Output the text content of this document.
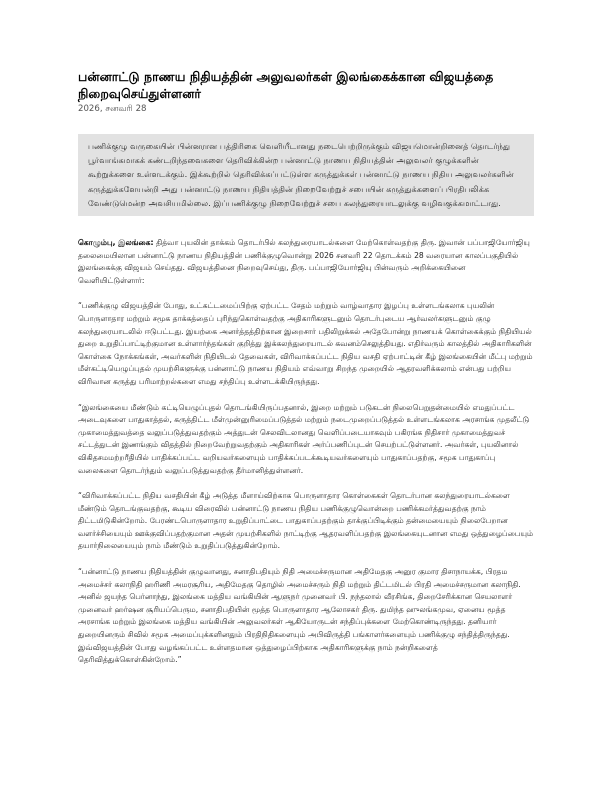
பன்னாட்டு நாணய நிதியத்தின் அலுவலர்கள் இலங்கைக்கான விஜயத்தை நிறைவுசெய்துள்ளனர்
2026, சனவரி 28
பணிக்குழு வருகையின் பின்னரான பத்திரிகை வெளியீடானது நடைபெற்றிருக்கும் விஜயமொன்றினைத் தொடர்ந்து பூர்வாங்கமாகக் கண்டறிந்தவைகளை தெரிவிக்கின்ற பன்னாட்டு நாணய நிதியத்தின் அலுவலர் குழுக்களின் கூற்றுக்களை உள்ளடக்கும். இக்கூற்றில் தெரிவிக்கப்பட்டுள்ள கருத்துக்கள் பன்னாட்டு நாணய நிதிய அலுவலர்களின் கருத்துக்களேயன்றி அது பன்னாட்டு நாணய நிதியத்தின் நிறைவேற்றுச் சபையின் கருத்துக்களைப் பிரதிபலிக்க வேண்டுமென்ற அவசியமில்லை. இப்பணிக்குழு நிறைவேற்றுச் சபை கலந்துரையாடலுக்கு வழிவகுக்கமாட்டாது.

கொழும்பு, இலங்கை: தித்வா புயலின் தாக்கம் தொடர்பில் கலந்துரையாடல்களை மேற்கொள்வதற்கு திரு. இவான் பப்பாஜியோர்ஜியு தலைமையிலான பன்னாட்டு நாணய நிதியத்தின் பணிக்குழுவொன்று 2026 சனவரி 22 தொடக்கம் 28 வரையான காலப்பகுதியில் இலங்கைக்கு விஜயம் செய்தது. விஜயத்தினை நிறைவுசெய்து, திரு. பப்பாஜியோர்ஜியு பின்வரும் அறிக்கையினை வெளியிட்டுள்ளார்:

“பணிக்குழு விஜயத்தின் போது, உட்கட்டமைப்பிற்கு ஏற்பட்ட சேதம் மற்றும் வாழ்வாதார இழப்பு உள்ளடங்கலாக புயலின் பொருளாதார மற்றும் சமூக தாக்கத்தைப் புரிந்துகொள்வதற்கு அதிகாரிகளுடனும் தொடர்புடைய ஆர்வலர்களுடனும் குழு கலந்துரையாடலில் ஈடுபட்டது. இயற்கை அனர்த்தத்திற்கான இறைசார் பதிலிறுக்கல் அதேபோன்று நாணயக் கொள்கைக்கும் நிதியியல் துறை உறுதிப்பாட்டிற்குமான உள்ளார்ந்தங்கள் குறித்து இக்கலந்துரையாடல் கவனம்செலுத்தியது. எதிர்வரும் காலத்தில் அதிகாரிகளின் கொள்கை நோக்கங்கள், அவர்களின் நிதியிடல் தேவைகள், விரிவாக்கப்பட்ட நிதிய வசதி ஏற்பாட்டின் கீழ் இலங்கையின் மீட்பு மற்றும் மீள்கட்டியெழுப்புதல் முயற்சிகளுக்கு பன்னாட்டு நாணய நிதியம் எவ்வாறு சிறந்த முறையில் ஆதரவளிக்கலாம் என்பது பற்றிய விரிவான கருத்து பரிமாற்றல்களை எமது சந்திப்பு உள்ளடக்கியிருந்தது.

“இலங்கையை மீண்டும் கட்டியெழுப்புதல் தொடங்கியிருப்பதனால், இறை மற்றும் படுகடன் நிலைபெறுதன்மையில் எமதுப்பட்ட அடைவுகளை பாதுகாத்தல், கருத்திட்ட மீள்முன்னுரிமைப்படுத்தல் மற்றும் நடைமுறைப்படுத்தல் உள்ளடங்கலாக அரசாங்க முதலீட்டு முகாமைத்துவத்தை வலுப்படுத்துவதற்கும் அத்துடன் செலவிடலானது வெளிப்படையாகவும் பகிரங்க நிதிசார் முகாமைத்துவச் சட்டத்துடன் இணங்கும் விதத்தில் நிறைவேற்றுவதற்கும் அதிகாரிகள் அர்ப்பணிப்புடன் செயற்பட்டுள்ளனர். அவர்கள், புயலினால் விகிதசமமற்றரீதியில் பாதிக்கப்பட்ட வறியவர்களையும் பாதிக்கப்படக்கூடியவர்களையும் பாதுகாப்பதற்கு, சமூக பாதுகாப்பு வலைகளை தொடர்ந்தும் வலுப்படுத்துவதற்கு தீர்மானித்துள்ளனர்.

“விரிவாக்கப்பட்ட நிதிய வசதியின் கீழ் அடுத்த மீளாய்விற்காக பொருளாதார கொள்கைகள் தொடர்பான கலந்துரையாடல்களை மீண்டும் தொடங்குவதற்கு, கூடிய விரைவில் பன்னாட்டு நாணய நிதிய பணிக்குழுவொன்றை பணிக்கமர்த்துவதற்கு நாம் திட்டமிடுகின்றோம். பேரண்டபொருளாதார உறுதிப்பாட்டை பாதுகாப்பதற்கும் தாக்குப்பிடிக்கும் தன்மையையும் நிலைபேறான வளர்ச்சியையும் ஊக்குவிப்பதற்குமான அதன் முயற்சிகளில் நாட்டிற்கு ஆதரவளிப்பதற்கு இலங்கையுடனான எமது ஒத்துழைப்பையும் தயார்நிலையையும் நாம் மீண்டும் உறுதிப்படுத்துகின்றோம்.

“பன்னாட்டு நாணய நிதியத்தின் குழுவானது, சனாதிபதியும் நிதி அமைச்சருமான அதிமேதகு அனுர குமார திசாநாயக்க, பிரதம அமைச்சர் கலாநிதி ஹரிணி அமரசூரிய, அதிமேதகு தொழில் அமைச்சரும் நிதி மற்றும் திட்டமிடல் பிரதி அமைச்சருமான கலாநிதி. அனில் ஜயந்த பெர்னாந்து, இலங்கை மத்திய வங்கியின் ஆளுநர் முனைவர் பி. நந்தலால் வீரசிங்க, திறைசேரிக்கான செயலாளர் முனைவர் ஹர்ஷன சூரியப்பெரும, சனாதிபதியின் மூத்த பொருளாதார ஆலோசகர் திரு. துமிந்த ஹுலங்கமுவ, ஏனைய மூத்த அரசாங்க மற்றும் இலங்கை மத்திய வங்கியின் அலுவலர்கள் ஆகியோருடன் சந்திப்புக்களை மேற்கொண்டிருந்தது. தனியார் துறையினரும் சிவில் சமூக அமைப்புக்களினதும் பிரதிநிதிகளையும் அபிவிருத்தி பங்காளர்களையும் பணிக்குழு சந்தித்திருந்தது. இவ்விஜயத்தின் போது வழங்கப்பட்ட உள்ளதமான ஒத்துழைப்பிற்காக அதிகாரிகளுக்கு நாம் நன்றிகளைத் தெரிவித்துக்கொள்கின்றோம்.”
